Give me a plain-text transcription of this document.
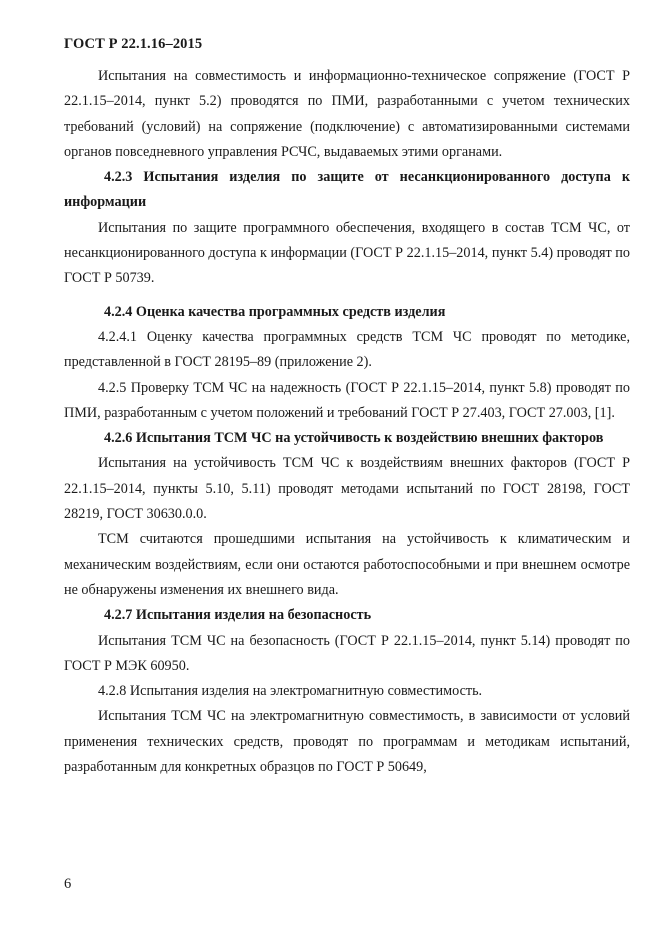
ГОСТ Р 22.1.16–2015

Испытания на совместимость и информационно-техническое сопряжение (ГОСТ Р 22.1.15–2014, пункт 5.2) проводятся по ПМИ, разработанными с учетом технических требований (условий) на сопряжение (подключение) с автоматизированными системами органов повседневного управления РСЧС, выдаваемых этими органами.

4.2.3 Испытания изделия по защите от несанкционированного доступа к информации

Испытания по защите программного обеспечения, входящего в состав ТСМ ЧС, от несанкционированного доступа к информации (ГОСТ Р 22.1.15–2014, пункт 5.4) проводят по ГОСТ Р 50739.

4.2.4 Оценка качества программных средств изделия

4.2.4.1 Оценку качества программных средств ТСМ ЧС проводят по методике, представленной в ГОСТ 28195–89 (приложение 2).

4.2.5 Проверку ТСМ ЧС на надежность (ГОСТ Р 22.1.15–2014, пункт 5.8) проводят по ПМИ, разработанным с учетом положений и требований ГОСТ Р 27.403, ГОСТ 27.003, [1].

4.2.6 Испытания ТСМ ЧС на устойчивость к воздействию внешних факторов

Испытания на устойчивость ТСМ ЧС к воздействиям внешних факторов (ГОСТ Р 22.1.15–2014, пункты 5.10, 5.11) проводят методами испытаний по ГОСТ 28198, ГОСТ 28219, ГОСТ 30630.0.0.

ТСМ считаются прошедшими испытания на устойчивость к климатическим и механическим воздействиям, если они остаются работоспособными и при внешнем осмотре не обнаружены изменения их внешнего вида.

4.2.7 Испытания изделия на безопасность

Испытания ТСМ ЧС на безопасность (ГОСТ Р 22.1.15–2014, пункт 5.14) проводят по ГОСТ Р МЭК 60950.

4.2.8 Испытания изделия на электромагнитную совместимость.

Испытания ТСМ ЧС на электромагнитную совместимость, в зависимости от условий применения технических средств, проводят по программам и методикам испытаний, разработанным для конкретных образцов по ГОСТ Р 50649,

6
